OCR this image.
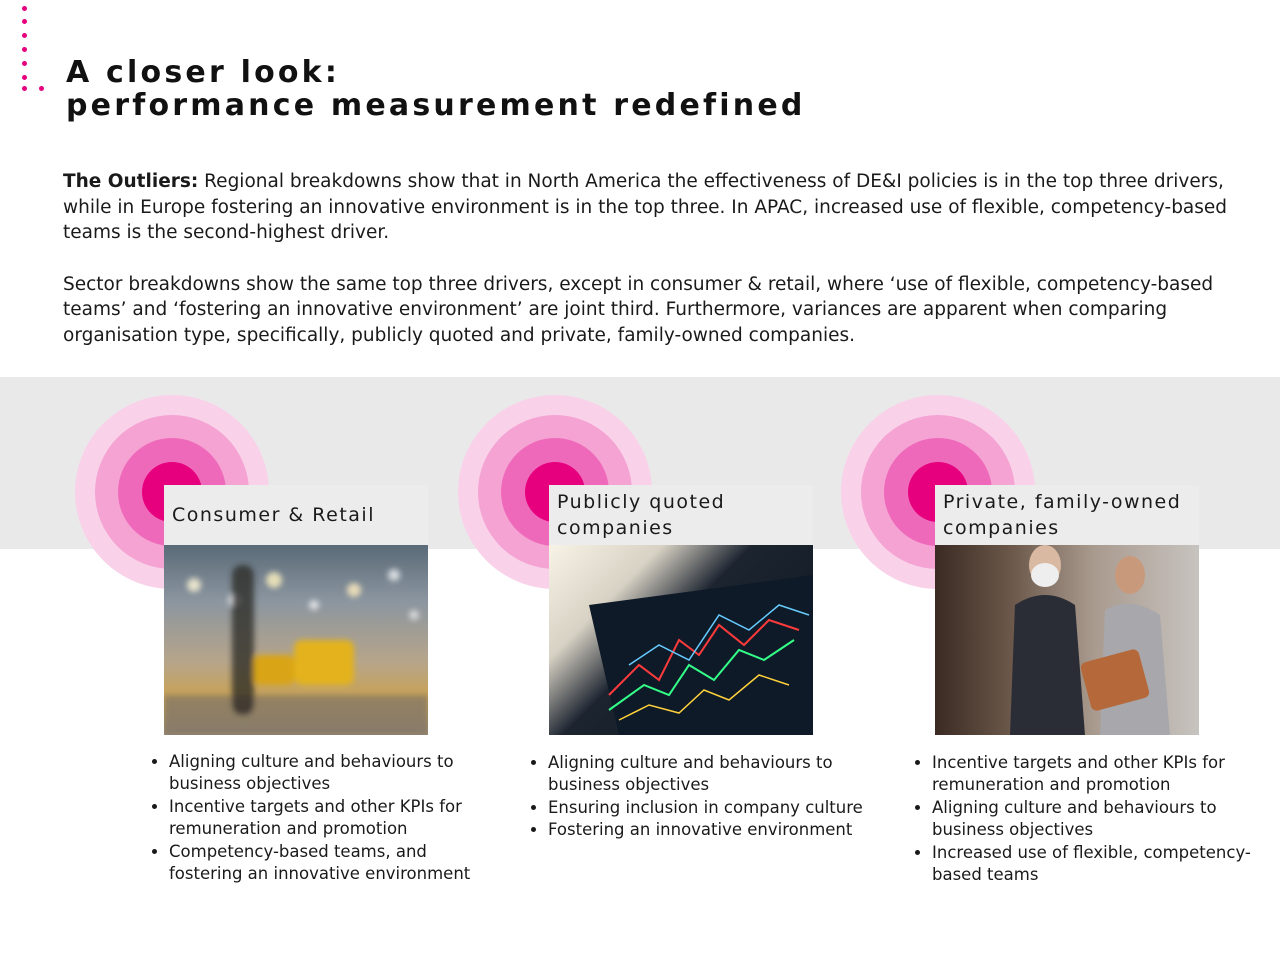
A closer look:
performance measurement redefined

The Outliers: Regional breakdowns show that in North America the effectiveness of DE&I policies is in the top three drivers, while in Europe fostering an innovative environment is in the top three. In APAC, increased use of flexible, competency-based teams is the second-highest driver.

Sector breakdowns show the same top three drivers, except in consumer & retail, where ‘use of flexible, competency-based teams’ and ‘fostering an innovative environment’ are joint third. Furthermore, variances are apparent when comparing organisation type, specifically, publicly quoted and private, family-owned companies.

Consumer & Retail
• Aligning culture and behaviours to business objectives
• Incentive targets and other KPIs for remuneration and promotion
• Competency-based teams, and fostering an innovative environment
Publicly quoted companies
• Aligning culture and behaviours to business objectives
• Ensuring inclusion in company culture
• Fostering an innovative environment
Private, family-owned companies
• Incentive targets and other KPIs for remuneration and promotion
• Aligning culture and behaviours to business objectives
• Increased use of flexible, competency- based teams
